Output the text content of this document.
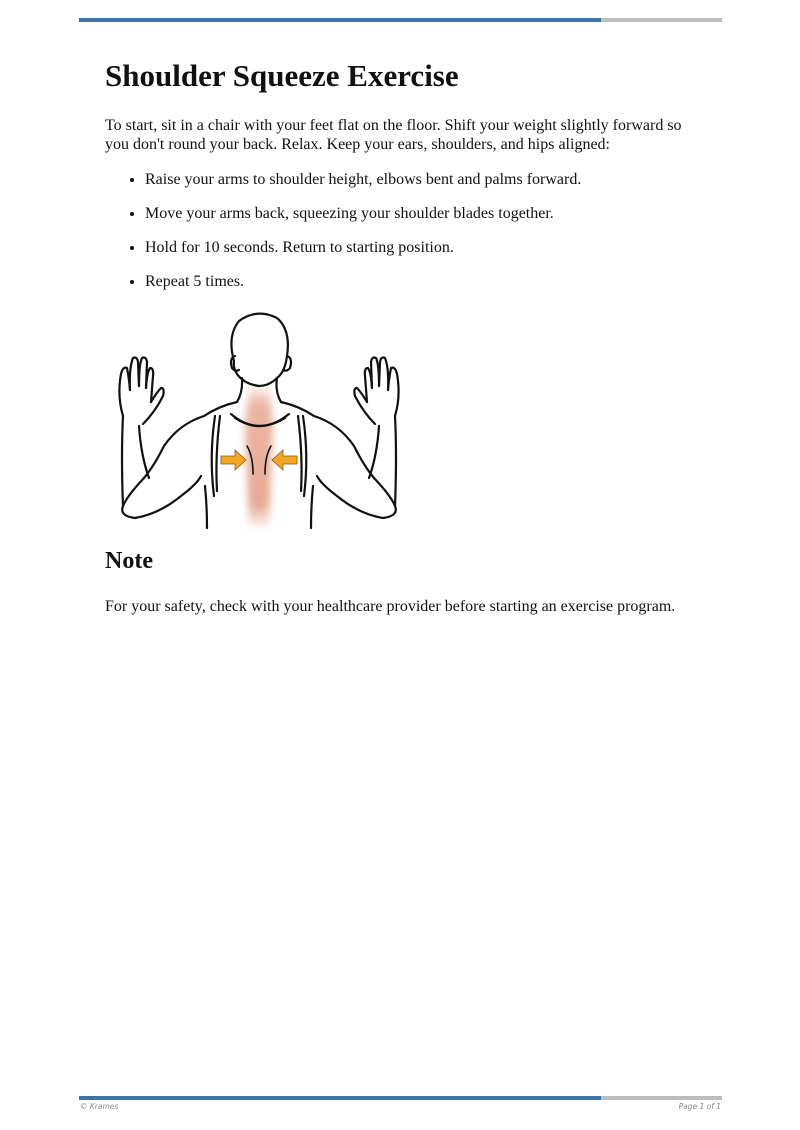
Shoulder Squeeze Exercise

To start, sit in a chair with your feet flat on the floor. Shift your weight slightly forward so you don't round your back. Relax. Keep your ears, shoulders, and hips aligned:

• Raise your arms to shoulder height, elbows bent and palms forward.
• Move your arms back, squeezing your shoulder blades together.
• Hold for 10 seconds. Return to starting position.
• Repeat 5 times.
Note

For your safety, check with your healthcare provider before starting an exercise program.

© Krames	Page 1 of 1
